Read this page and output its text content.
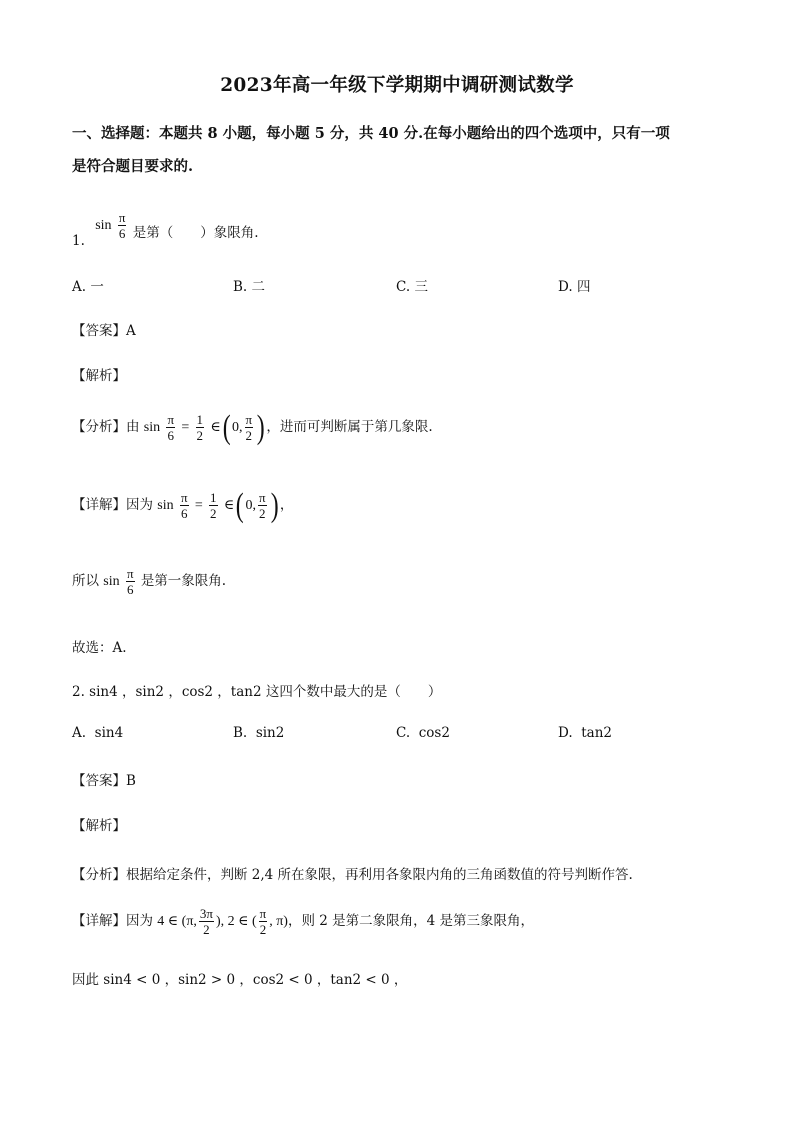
2023年高一年级下学期期中调研测试数学
一、选择题：本题共 8 小题，每小题 5 分，共 40 分.在每小题给出的四个选项中，只有一项
是符合题目要求的.
1. $\sin \frac{\pi}{6}$ 是第（　　）象限角.
A. 一	B. 二	C. 三	D. 四
【答案】A
【解析】
【分析】由 $\sin \frac{\pi}{6} = \frac{1}{2}$ ∈( 0, $\frac{\pi}{2}$ ) ，进而可判断属于第几象限.
【详解】因为 $\sin \frac{\pi}{6} = \frac{1}{2}$ ∈( 0, $\frac{\pi}{2}$ ) ，
所以 $\sin \frac{\pi}{6}$ 是第一象限角.
故选：A.
2. sin4 ，sin2 ，cos2 ，tan2 这四个数中最大的是（　　）
A. sin4	B. sin2	C. cos2	D. tan2
【答案】B
【解析】
【分析】根据给定条件，判断 2,4 所在象限，再利用各象限内角的三角函数值的符号判断作答.
【详解】因为 4 ∈ (π, $\frac{3\pi}{2}$ ), 2 ∈ ( $\frac{\pi}{2}$ , π)，则 2 是第二象限角，4 是第三象限角，
因此 sin4 < 0 ，sin2 > 0 ，cos2 < 0 ，tan2 < 0 ，
